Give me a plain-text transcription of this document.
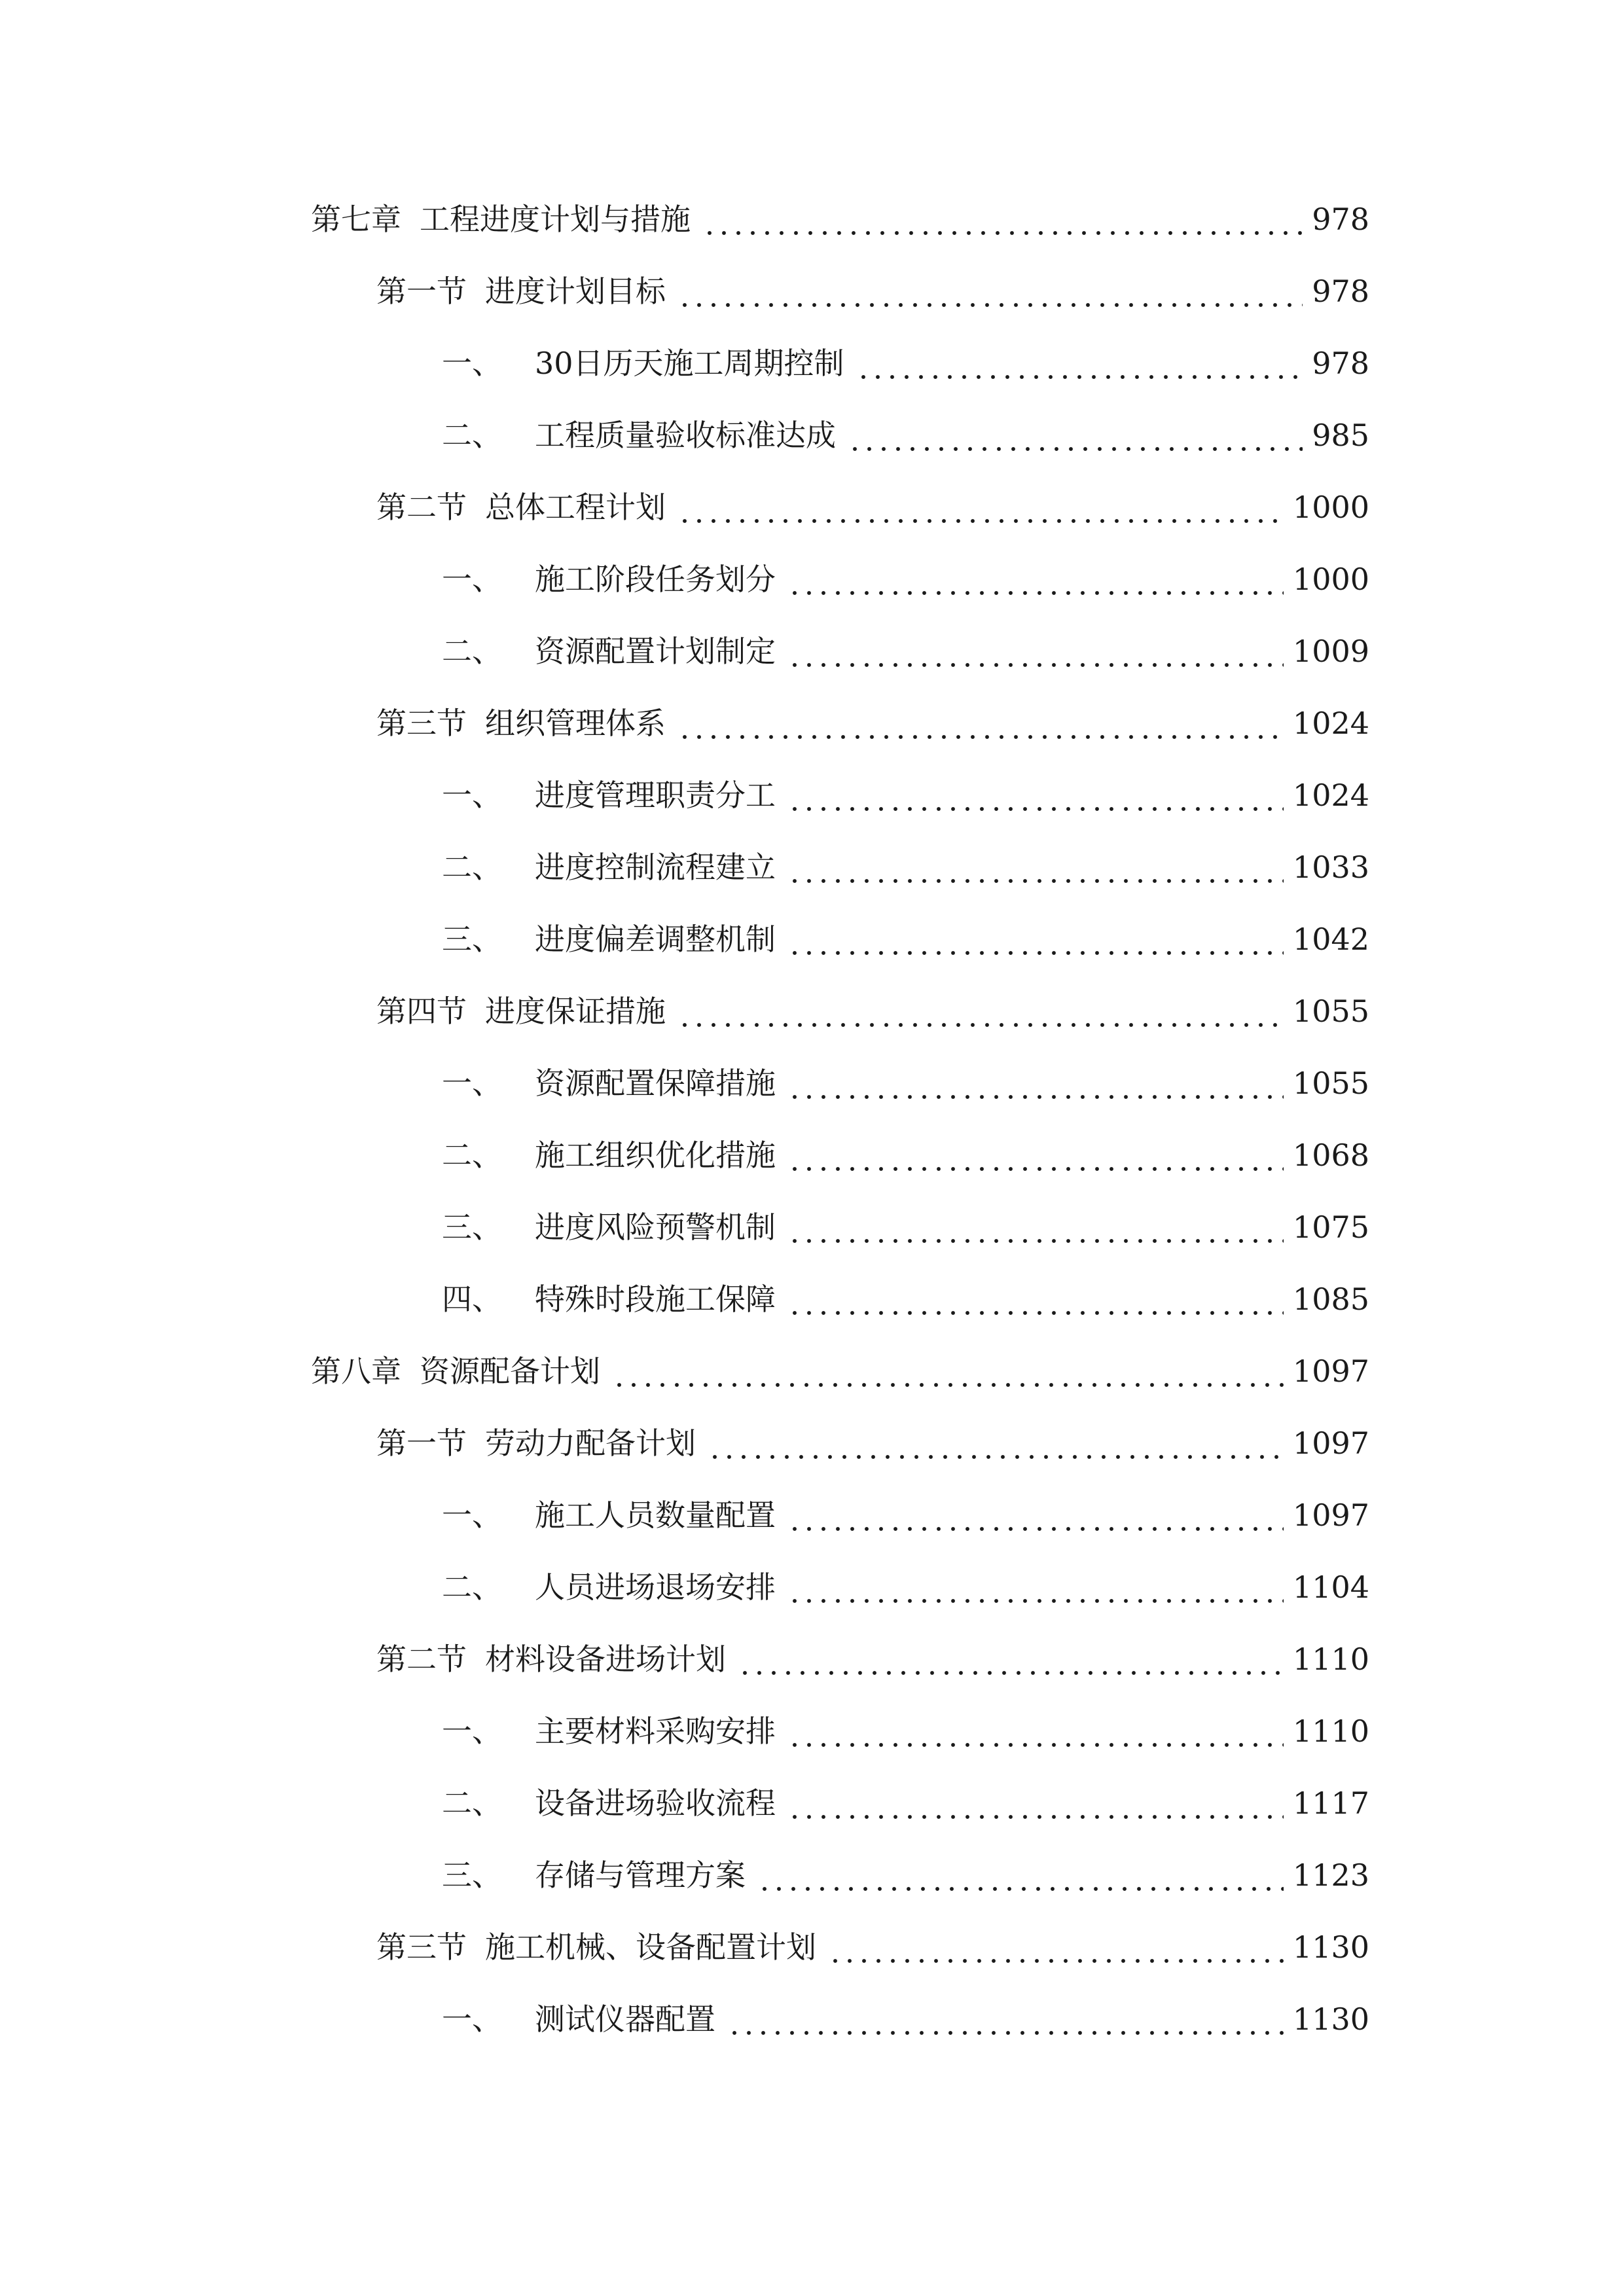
第七章 工程进度计划与措施	978
第一节 进度计划目标	978
一、 30日历天施工周期控制	978
二、 工程质量验收标准达成	985
第二节 总体工程计划	1000
一、 施工阶段任务划分	1000
二、 资源配置计划制定	1009
第三节 组织管理体系	1024
一、 进度管理职责分工	1024
二、 进度控制流程建立	1033
三、 进度偏差调整机制	1042
第四节 进度保证措施	1055
一、 资源配置保障措施	1055
二、 施工组织优化措施	1068
三、 进度风险预警机制	1075
四、 特殊时段施工保障	1085
第八章 资源配备计划	1097
第一节 劳动力配备计划	1097
一、 施工人员数量配置	1097
二、 人员进场退场安排	1104
第二节 材料设备进场计划	1110
一、 主要材料采购安排	1110
二、 设备进场验收流程	1117
三、 存储与管理方案	1123
第三节 施工机械、设备配置计划	1130
一、 测试仪器配置	1130
